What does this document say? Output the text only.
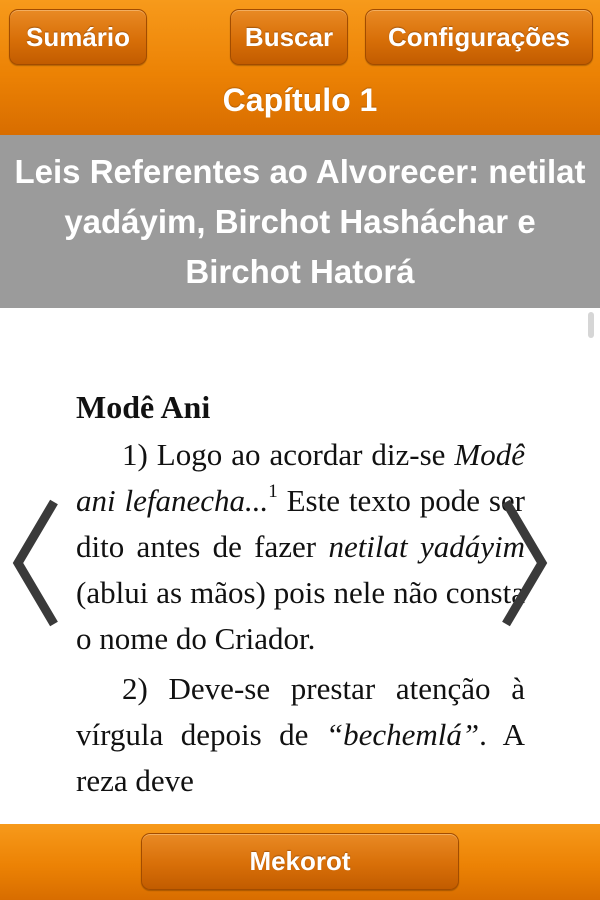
Sumário	Buscar	Configurações
Capítulo 1
Leis Referentes ao Alvorecer: netilat yadáyim, Birchot Hasháchar e Birchot Hatorá
Modê Ani

1) Logo ao acordar diz-se Modê ani lefanecha...$^1$ Este texto pode ser dito antes de fazer netilat yadáyim (ablui as mãos) pois nele não consta o nome do Criador.

2) Deve-se prestar atenção à vírgula depois de “bechemlá”. A reza deve

Mekorot
